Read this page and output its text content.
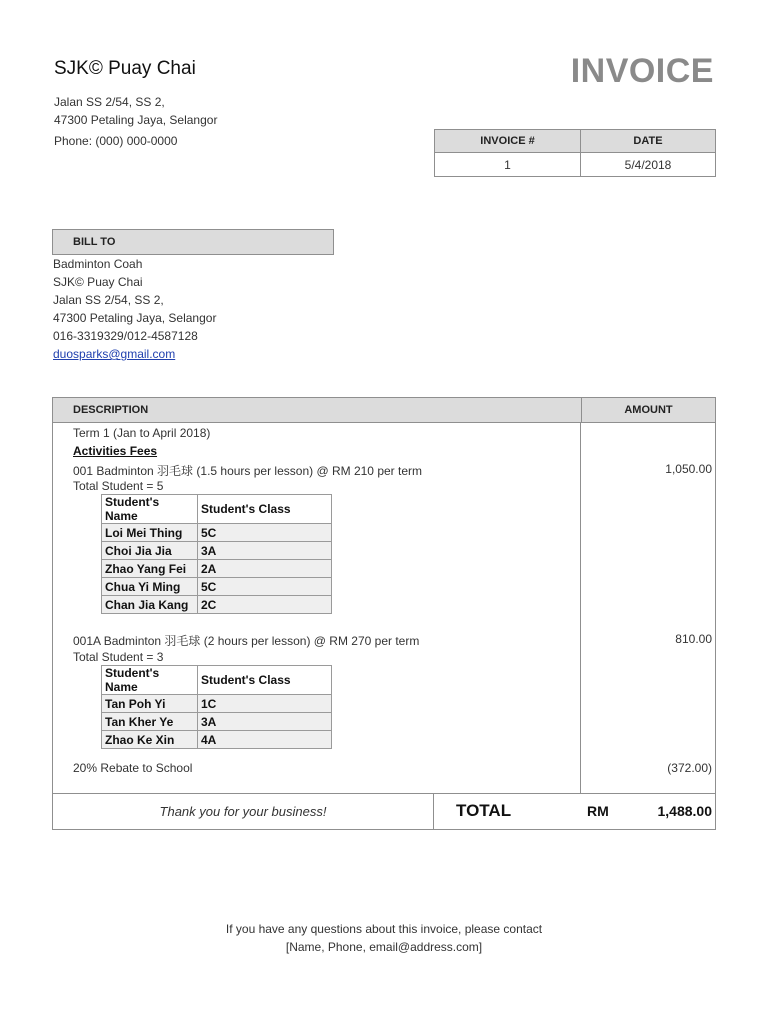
SJK© Puay Chai
Jalan SS 2/54, SS 2,
47300 Petaling Jaya, Selangor
Phone: (000) 000-0000
INVOICE
INVOICE #	DATE
1	5/4/2018
BILL TO
Badminton Coah
SJK© Puay Chai
Jalan SS 2/54, SS 2,
47300 Petaling Jaya, Selangor
016-3319329/012-4587128
duosparks@gmail.com
DESCRIPTION	AMOUNT
Term 1 (Jan to April 2018)
Activities Fees
001 Badminton 羽毛球 (1.5 hours per lesson) @ RM 210 per term	1,050.00
Total Student = 5
Student's Name	Student's Class
Loi Mei Thing	5C
Choi Jia Jia	3A
Zhao Yang Fei	2A
Chua Yi Ming	5C
Chan Jia Kang	2C
001A Badminton 羽毛球 (2 hours per lesson) @ RM 270 per term	810.00
Total Student = 3
Student's Name	Student's Class
Tan Poh Yi	1C
Tan Kher Ye	3A
Zhao Ke Xin	4A
20% Rebate to School	(372.00)
Thank you for your business!	TOTAL	RM	1,488.00
If you have any questions about this invoice, please contact
[Name, Phone, email@address.com]
